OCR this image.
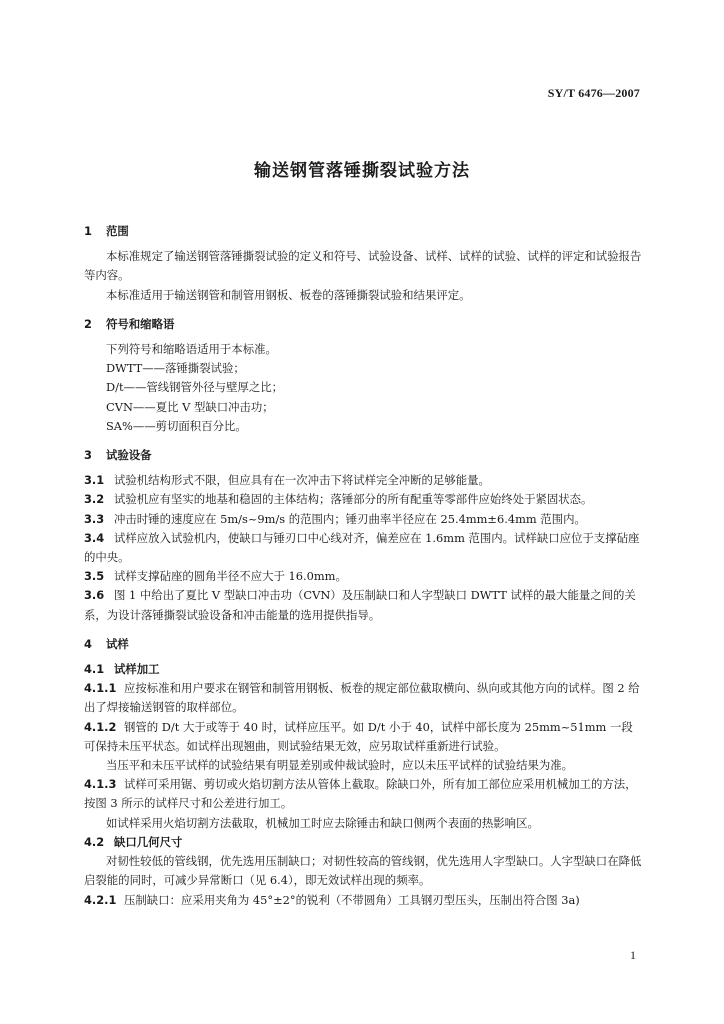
SY/T 6476—2007
输送钢管落锤撕裂试验方法

1 范围

本标准规定了输送钢管落锤撕裂试验的定义和符号、试验设备、试样、试样的试验、试样的评定和试验报告等内容。

本标准适用于输送钢管和制管用钢板、板卷的落锤撕裂试验和结果评定。

2 符号和缩略语

下列符号和缩略语适用于本标准。

DWTT——落锤撕裂试验；

D/t——管线钢管外径与壁厚之比；

CVN——夏比 V 型缺口冲击功；

SA%——剪切面积百分比。

3 试验设备

3.1 试验机结构形式不限，但应具有在一次冲击下将试样完全冲断的足够能量。

3.2 试验机应有坚实的地基和稳固的主体结构；落锤部分的所有配重等零部件应始终处于紧固状态。

3.3 冲击时锤的速度应在 5m/s~9m/s 的范围内；锤刃曲率半径应在 25.4mm±6.4mm 范围内。

3.4 试样应放入试验机内，使缺口与锤刃口中心线对齐，偏差应在 1.6mm 范围内。试样缺口应位于支撑砧座的中央。

3.5 试样支撑砧座的圆角半径不应大于 16.0mm。

3.6 图 1 中给出了夏比 V 型缺口冲击功（CVN）及压制缺口和人字型缺口 DWTT 试样的最大能量之间的关系，为设计落锤撕裂试验设备和冲击能量的选用提供指导。

4 试样

4.1 试样加工

4.1.1 应按标准和用户要求在钢管和制管用钢板、板卷的规定部位截取横向、纵向或其他方向的试样。图 2 给出了焊接输送钢管的取样部位。

4.1.2 钢管的 D/t 大于或等于 40 时，试样应压平。如 D/t 小于 40，试样中部长度为 25mm~51mm 一段可保持未压平状态。如试样出现翘曲，则试验结果无效，应另取试样重新进行试验。

当压平和未压平试样的试验结果有明显差别或仲裁试验时，应以未压平试样的试验结果为准。

4.1.3 试样可采用锯、剪切或火焰切割方法从管体上截取。除缺口外，所有加工部位应采用机械加工的方法，按图 3 所示的试样尺寸和公差进行加工。

如试样采用火焰切割方法截取，机械加工时应去除锤击和缺口侧两个表面的热影响区。

4.2 缺口几何尺寸

对韧性较低的管线钢，优先选用压制缺口；对韧性较高的管线钢，优先选用人字型缺口。人字型缺口在降低启裂能的同时，可减少异常断口（见 6.4），即无效试样出现的频率。

4.2.1 压制缺口：应采用夹角为 45°±2°的锐利（不带圆角）工具钢刃型压头，压制出符合图 3a)

1
